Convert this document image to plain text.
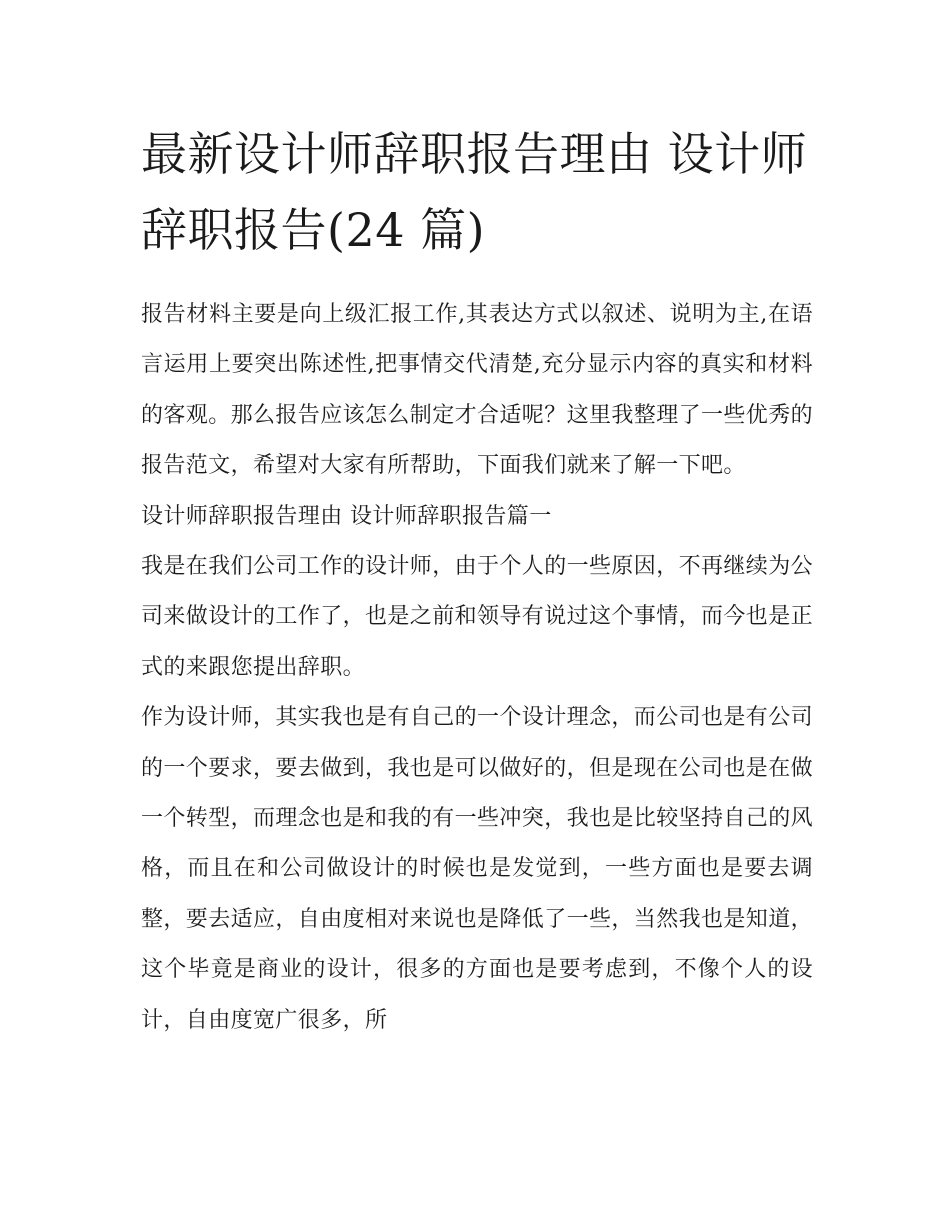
最新设计师辞职报告理由 设计师辞职报告(24 篇)

报告材料主要是向上级汇报工作,其表达方式以叙述、说明为主,在语言运用上要突出陈述性,把事情交代清楚,充分显示内容的真实和材料的客观。那么报告应该怎么制定才合适呢？这里我整理了一些优秀的报告范文，希望对大家有所帮助，下面我们就来了解一下吧。

设计师辞职报告理由 设计师辞职报告篇一

我是在我们公司工作的设计师，由于个人的一些原因，不再继续为公司来做设计的工作了，也是之前和领导有说过这个事情，而今也是正式的来跟您提出辞职。

作为设计师，其实我也是有自己的一个设计理念，而公司也是有公司的一个要求，要去做到，我也是可以做好的，但是现在公司也是在做一个转型，而理念也是和我的有一些冲突，我也是比较坚持自己的风格，而且在和公司做设计的时候也是发觉到，一些方面也是要去调整，要去适应，自由度相对来说也是降低了一些，当然我也是知道，这个毕竟是商业的设计，很多的方面也是要考虑到，不像个人的设计，自由度宽广很多，所
